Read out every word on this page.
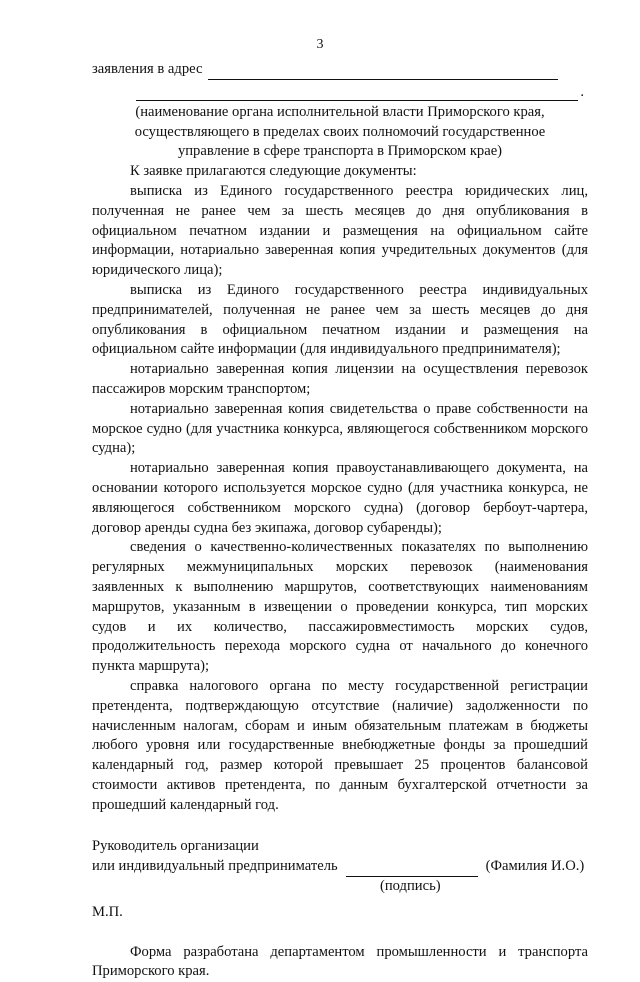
3
заявления в адрес
.
(наименование органа исполнительной власти Приморского края,
осуществляющего в пределах своих полномочий государственное
управление в сфере транспорта в Приморском крае)

К заявке прилагаются следующие документы:

выписка из Единого государственного реестра юридических лиц, полученная не ранее чем за шесть месяцев до дня опубликования в официальном печатном издании и размещения на официальном сайте информации, нотариально заверенная копия учредительных документов (для юридического лица);

выписка из Единого государственного реестра индивидуальных предпринимателей, полученная не ранее чем за шесть месяцев до дня опубликования в официальном печатном издании и размещения на официальном сайте информации (для индивидуального предпринимателя);

нотариально заверенная копия лицензии на осуществления перевозок пассажиров морским транспортом;

нотариально заверенная копия свидетельства о праве собственности на морское судно (для участника конкурса, являющегося собственником морского судна);

нотариально заверенная копия правоустанавливающего документа, на основании которого используется морское судно (для участника конкурса, не являющегося собственником морского судна) (договор бербоут-чартера, договор аренды судна без экипажа, договор субаренды);

сведения о качественно-количественных показателях по выполнению регулярных межмуниципальных морских перевозок (наименования заявленных к выполнению маршрутов, соответствующих наименованиям маршрутов, указанным в извещении о проведении конкурса, тип морских судов и их количество, пассажировместимость морских судов, продолжительность перехода морского судна от начального до конечного пункта маршрута);

справка налогового органа по месту государственной регистрации претендента, подтверждающую отсутствие (наличие) задолженности по начисленным налогам, сборам и иным обязательным платежам в бюджеты любого уровня или государственные внебюджетные фонды за прошедший календарный год, размер которой превышает 25 процентов балансовой стоимости активов претендента, по данным бухгалтерской отчетности за прошедший календарный год.

Руководитель организации
или индивидуальный предприниматель	(Фамилия И.О.)
(подпись)
М.П.

Форма разработана департаментом промышленности и транспорта Приморского края.
